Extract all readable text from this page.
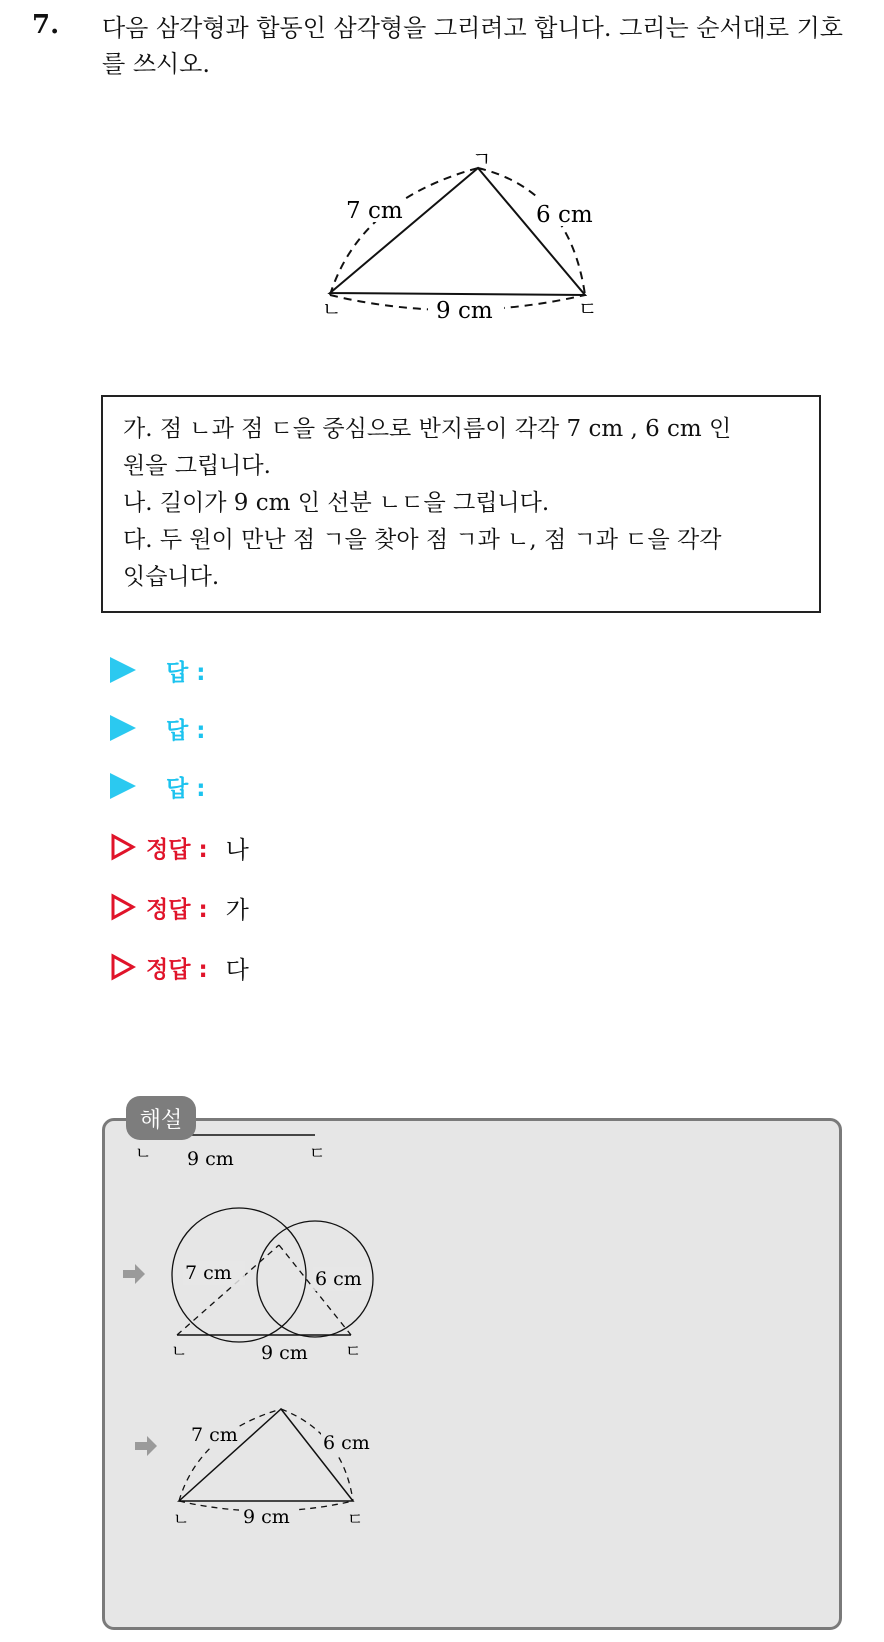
7. 다음 삼각형과 합동인 삼각형을 그리려고 합니다. 그리는 순서대로 기호를 쓰시오.
ㄱ
ㄴ	ㄷ
7 cm	6 cm
9 cm
가. 점 ㄴ과 점 ㄷ을 중심으로 반지름이 각각 7 cm , 6 cm 인
원을 그립니다.
나. 길이가 9 cm 인 선분 ㄴㄷ을 그립니다.
다. 두 원이 만난 점 ㄱ을 찾아 점 ㄱ과 ㄴ, 점 ㄱ과 ㄷ을 각각
잇습니다.
답 :
답 :
답 :
정답 : 나
정답 : 가
정답 : 다
ㄴ 9 cm	ㄷ
7 cm	6 cm
ㄴ	9 cm ㄷ
7 cm	6 cm
ㄴ	9 cm	ㄷ
해설
